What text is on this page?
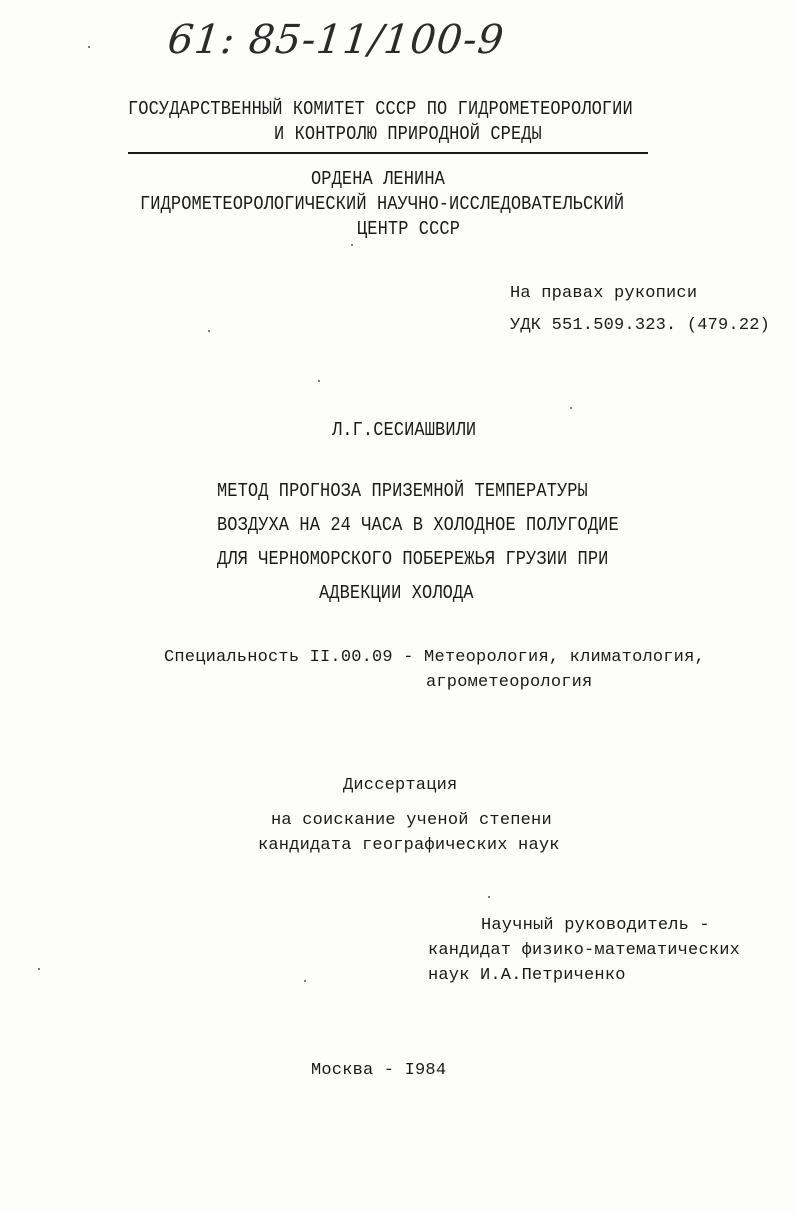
61: 85-11/100-9
ГОСУДАРСТВЕННЫЙ КОМИТЕТ СССР ПО ГИДРОМЕТЕОРОЛОГИИ
И КОНТРОЛЮ ПРИРОДНОЙ СРЕДЫ
ОРДЕНА ЛЕНИНА
ГИДРОМЕТЕОРОЛОГИЧЕСКИЙ НАУЧНО-ИССЛЕДОВАТЕЛЬСКИЙ
ЦЕНТР СССР
На правах рукописи
УДК 551.509.323. (479.22)
Л.Г.СЕСИАШВИЛИ
МЕТОД ПРОГНОЗА ПРИЗЕМНОЙ ТЕМПЕРАТУРЫ
ВОЗДУХА НА 24 ЧАСА В ХОЛОДНОЕ ПОЛУГОДИЕ
ДЛЯ ЧЕРНОМОРСКОГО ПОБЕРЕЖЬЯ ГРУЗИИ ПРИ
АДВЕКЦИИ ХОЛОДА
Специальность II.00.09 - Метеорология, климатология,
агрометеорология
Диссертация
на соискание ученой степени
кандидата географических наук
Научный руководитель -
кандидат физико-математических
наук И.А.Петриченко
Москва - I984
